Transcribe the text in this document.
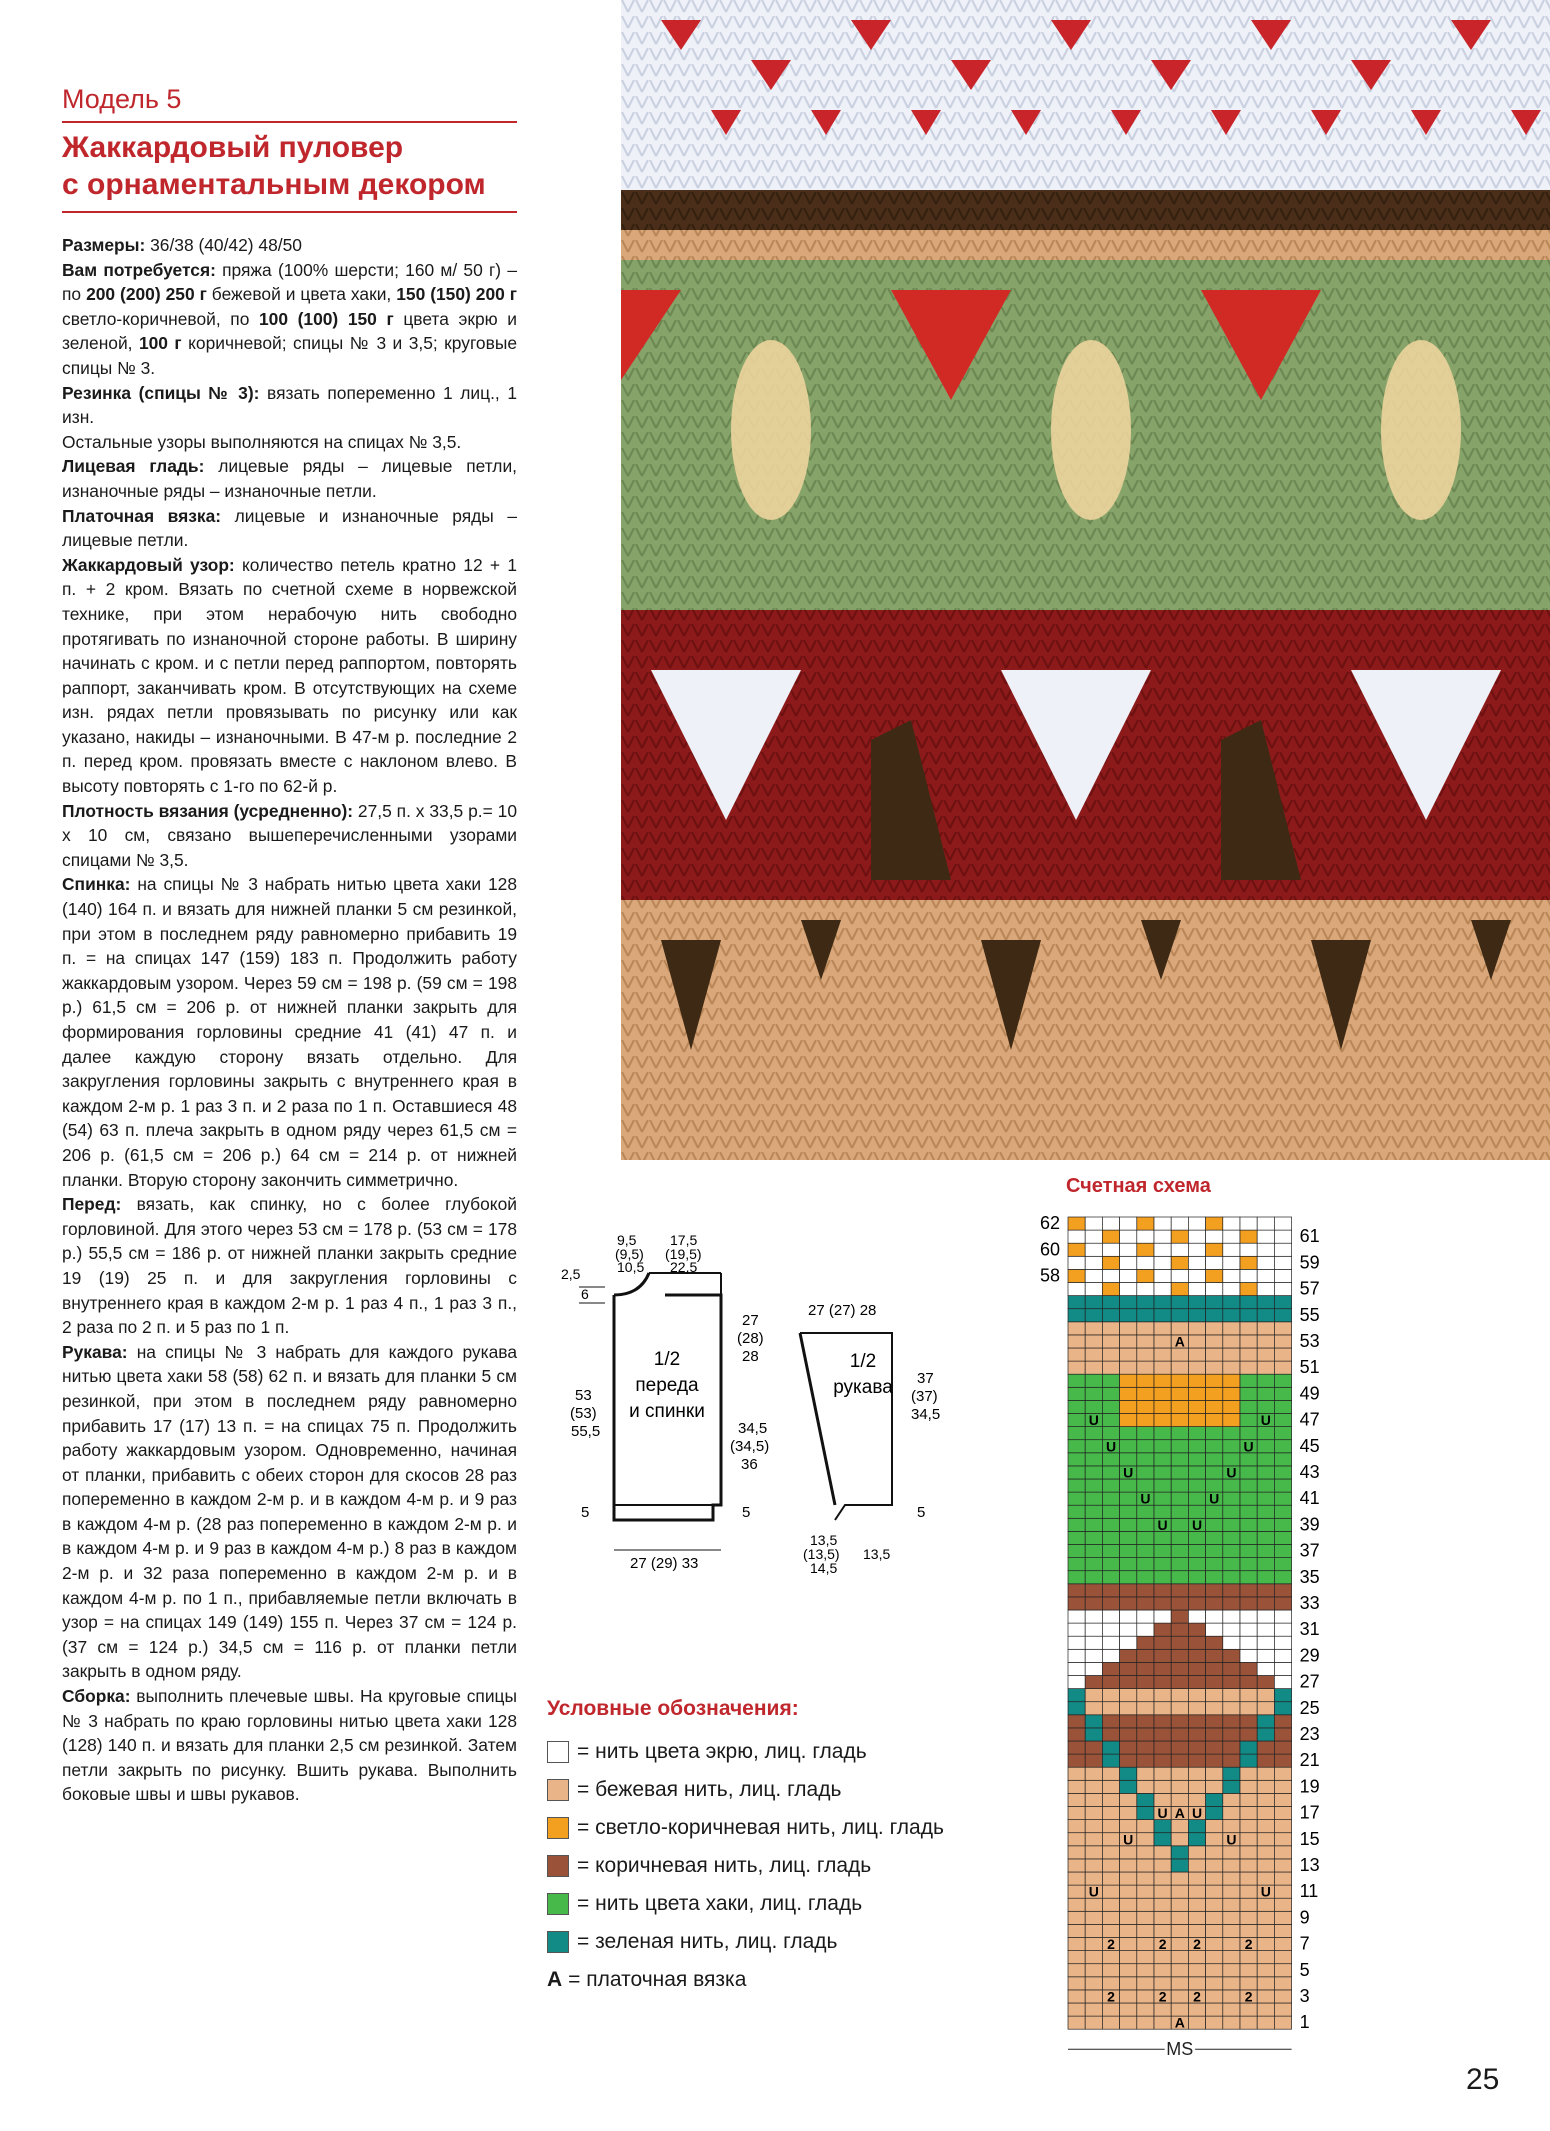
Модель 5
Жаккардовый пуловер
с орнаментальным декором

Размеры: 36/38 (40/42) 48/50

Вам потребуется: пряжа (100% шерсти; 160 м/ 50 г) – по 200 (200) 250 г бежевой и цвета хаки, 150 (150) 200 г светло-коричневой, по 100 (100) 150 г цвета экрю и зеленой, 100 г коричневой; спицы № 3 и 3,5; круговые спицы № 3.

Резинка (спицы № 3): вязать попеременно 1 лиц., 1 изн.

Остальные узоры выполняются на спицах № 3,5.

Лицевая гладь: лицевые ряды – лицевые петли, изнаночные ряды – изнаночные петли.

Платочная вязка: лицевые и изнаночные ряды – лицевые петли.

Жаккардовый узор: количество петель кратно 12 + 1 п. + 2 кром. Вязать по счетной схеме в норвежской технике, при этом нерабочую нить свободно протягивать по изнаночной стороне работы. В ширину начинать с кром. и с петли перед раппортом, повторять раппорт, заканчивать кром. В отсутствующих на схеме изн. рядах петли провязывать по рисунку или как указано, накиды – изнаночными. В 47-м р. последние 2 п. перед кром. провязать вместе с наклоном влево. В высоту повторять с 1-го по 62-й р.

Плотность вязания (усредненно): 27,5 п. х 33,5 р.= 10 х 10 см, связано вышеперечисленными узорами спицами № 3,5.

Спинка: на спицы № 3 набрать нитью цвета хаки 128 (140) 164 п. и вязать для нижней планки 5 см резинкой, при этом в последнем ряду равномерно прибавить 19 п. = на спицах 147 (159) 183 п. Продолжить работу жаккардовым узором. Через 59 см = 198 р. (59 см = 198 р.) 61,5 см = 206 р. от нижней планки закрыть для формирования горловины средние 41 (41) 47 п. и далее каждую сторону вязать отдельно. Для закругления горловины закрыть с внутреннего края в каждом 2-м р. 1 раз 3 п. и 2 раза по 1 п. Оставшиеся 48 (54) 63 п. плеча закрыть в одном ряду через 61,5 см = 206 р. (61,5 см = 206 р.) 64 см = 214 р. от нижней планки. Вторую сторону закончить симметрично.

Перед: вязать, как спинку, но с более глубокой горловиной. Для этого через 53 см = 178 р. (53 см = 178 р.) 55,5 см = 186 р. от нижней планки закрыть средние 19 (19) 25 п. и для закругления горловины с внутреннего края в каждом 2-м р. 1 раз 4 п., 1 раз 3 п., 2 раза по 2 п. и 5 раз по 1 п.

Рукава: на спицы № 3 набрать для каждого рукава нитью цвета хаки 58 (58) 62 п. и вязать для планки 5 см резинкой, при этом в последнем ряду равномерно прибавить 17 (17) 13 п. = на спицах 75 п. Продолжить работу жаккардовым узором. Одновременно, начиная от планки, прибавить с обеих сторон для скосов 28 раз попеременно в каждом 2-м р. и в каждом 4-м р. и 9 раз в каждом 4-м р. (28 раз попеременно в каждом 2-м р. и в каждом 4-м р. и 9 раз в каждом 4-м р.) 8 раз в каждом 2-м р. и 32 раза попеременно в каждом 2-м р. и в каждом 4-м р. по 1 п., прибавляемые петли включать в узор = на спицах 149 (149) 155 п. Через 37 см = 124 р. (37 см = 124 р.) 34,5 см = 116 р. от планки петли закрыть в одном ряду.

Сборка: выполнить плечевые швы. На круговые спицы № 3 набрать по краю горловины нитью цвета хаки 128 (128) 140 п. и вязать для планки 2,5 см резинкой. Затем петли закрыть по рисунку. Вшить рукава. Выполнить боковые швы и швы рукавов.

9,5
(9,5)
10,5
17,5
(19,5)
22,5
2,5
6
27
(28)
28
53
(53)
55,5	34,5
(34,5)
36
1/2
переда
и спинки
5	5
27 (29) 33
27 (27) 28
1/2
рукава 37
(37)
34,5
5
13,5
(13,5)
14,5
13,5
Условные обозначения:
= нить цвета экрю, лиц. гладь
= бежевая нить, лиц. гладь
= светло-коричневая нить, лиц. гладь
= коричневая нить, лиц. гладь
= нить цвета хаки, лиц. гладь
= зеленая нить, лиц. гладь
А = платочная вязка
Счетная схема
1
3
5
7
9
11
13
15
17
19
21
23
25
27
29
31
33
35
37
39
41
43
45
47
49
51
53
55
57
59
61
58
60
62
А
А
А
U	U
U	U
U	U
U	U
U U
U U
U	U
U	U
2	2 2	2
2	2 2	2
MS
25
